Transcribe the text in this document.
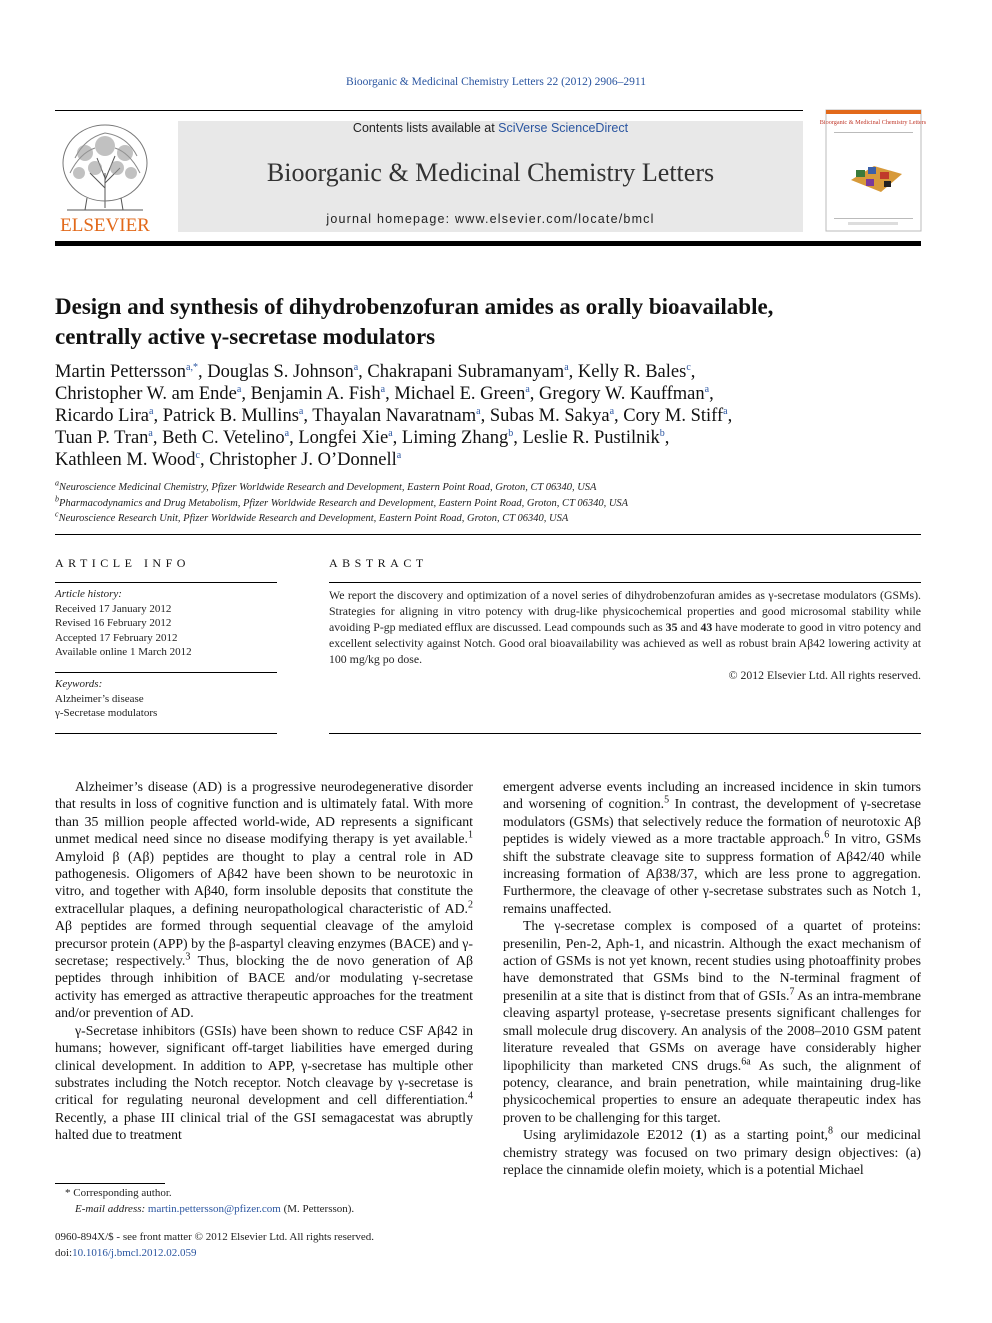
Bioorganic & Medicinal Chemistry Letters 22 (2012) 2906–2911
ELSEVIER
Contents lists available at SciVerse ScienceDirect
Bioorganic & Medicinal Chemistry Letters
journal homepage: www.elsevier.com/locate/bmcl
Bioorganic & Medicinal Chemistry Letters
Design and synthesis of dihydrobenzofuran amides as orally bioavailable,
centrally active γ-secretase modulators
Martin Pettersson$^{a,*}$, Douglas S. Johnson$^a$, Chakrapani Subramanyam$^a$, Kelly R. Bales$^c$,
Christopher W. am Ende$^a$, Benjamin A. Fish$^a$, Michael E. Green$^a$, Gregory W. Kauffman$^a$,
Ricardo Lira$^a$, Patrick B. Mullins$^a$, Thayalan Navaratnam$^a$, Subas M. Sakya$^a$, Cory M. Stiff$^a$,
Tuan P. Tran$^a$, Beth C. Vetelino$^a$, Longfei Xie$^a$, Liming Zhang$^b$, Leslie R. Pustilnik$^b$,
Kathleen M. Wood$^c$, Christopher J. O’Donnell$^a$
$^a$Neuroscience Medicinal Chemistry, Pfizer Worldwide Research and Development, Eastern Point Road, Groton, CT 06340, USA
$^b$Pharmacodynamics and Drug Metabolism, Pfizer Worldwide Research and Development, Eastern Point Road, Groton, CT 06340, USA
$^c$Neuroscience Research Unit, Pfizer Worldwide Research and Development, Eastern Point Road, Groton, CT 06340, USA
ARTICLE INFO
Article history:
Received 17 January 2012
Revised 16 February 2012
Accepted 17 February 2012
Available online 1 March 2012
Keywords:
Alzheimer’s disease
γ-Secretase modulators
ABSTRACT
We report the discovery and optimization of a novel series of dihydrobenzofuran amides as γ-secretase modulators (GSMs). Strategies for aligning in vitro potency with drug-like physicochemical properties and good microsomal stability while avoiding P-gp mediated efflux are discussed. Lead compounds such as 35 and 43 have moderate to good in vitro potency and excellent selectivity against Notch. Good oral bioavailability was achieved as well as robust brain Aβ42 lowering activity at 100 mg/kg po dose.
© 2012 Elsevier Ltd. All rights reserved.

Alzheimer’s disease (AD) is a progressive neurodegenerative disorder that results in loss of cognitive function and is ultimately fatal. With more than 35 million people affected world-wide, AD represents a significant unmet medical need since no disease modifying therapy is yet available.$^1$ Amyloid β (Aβ) peptides are thought to play a central role in AD pathogenesis. Oligomers of Aβ42 have been shown to be neurotoxic in vitro, and together with Aβ40, form insoluble deposits that constitute the extracellular plaques, a defining neuropathological characteristic of AD.$^2$ Aβ peptides are formed through sequential cleavage of the amyloid precursor protein (APP) by the β-aspartyl cleaving enzymes (BACE) and γ-secretase; respectively.$^3$ Thus, blocking the de novo generation of Aβ peptides through inhibition of BACE and/or modulating γ-secretase activity has emerged as attractive therapeutic approaches for the treatment and/or prevention of AD.

γ-Secretase inhibitors (GSIs) have been shown to reduce CSF Aβ42 in humans; however, significant off-target liabilities have emerged during clinical development. In addition to APP, γ-secretase has multiple other substrates including the Notch receptor. Notch cleavage by γ-secretase is critical for regulating neuronal development and cell differentiation.$^4$ Recently, a phase III clinical trial of the GSI semagacestat was abruptly halted due to treatment

emergent adverse events including an increased incidence in skin tumors and worsening of cognition.$^5$ In contrast, the development of γ-secretase modulators (GSMs) that selectively reduce the formation of neurotoxic Aβ peptides is widely viewed as a more tractable approach.$^6$ In vitro, GSMs shift the substrate cleavage site to suppress formation of Aβ42/40 while increasing formation of Aβ38/37, which are less prone to aggregation. Furthermore, the cleavage of other γ-secretase substrates such as Notch 1, remains unaffected.

The γ-secretase complex is composed of a quartet of proteins: presenilin, Pen-2, Aph-1, and nicastrin. Although the exact mechanism of action of GSMs is not yet known, recent studies using photoaffinity probes have demonstrated that GSMs bind to the N-terminal fragment of presenilin at a site that is distinct from that of GSIs.$^7$ As an intra-membrane cleaving aspartyl protease, γ-secretase presents significant challenges for small molecule drug discovery. An analysis of the 2008–2010 GSM patent literature revealed that GSMs on average have considerably higher lipophilicity than marketed CNS drugs.$^{6a}$ As such, the alignment of potency, clearance, and brain penetration, while maintaining drug-like physicochemical properties to ensure an adequate therapeutic index has proven to be challenging for this target.

Using arylimidazole E2012 (1) as a starting point,$^8$ our medicinal chemistry strategy was focused on two primary design objectives: (a) replace the cinnamide olefin moiety, which is a potential Michael

* Corresponding author.
E-mail address: martin.pettersson@pfizer.com (M. Pettersson).
0960-894X/$ - see front matter © 2012 Elsevier Ltd. All rights reserved.
doi:10.1016/j.bmcl.2012.02.059
